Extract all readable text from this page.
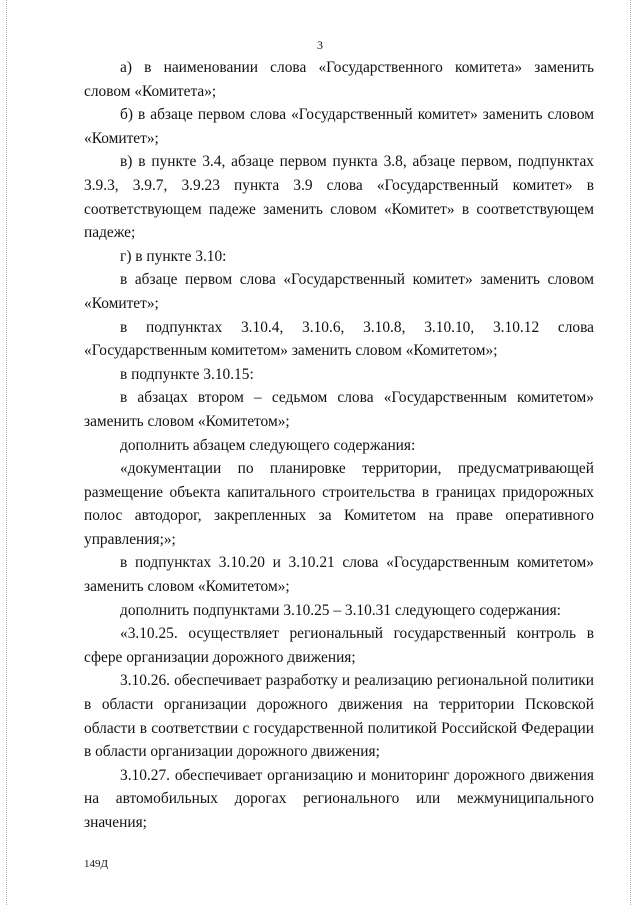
3

а) в наименовании слова «Государственного комитета» заменить словом «Комитета»;

б) в абзаце первом слова «Государственный комитет» заменить словом «Комитет»;

в) в пункте 3.4, абзаце первом пункта 3.8, абзаце первом, подпунктах 3.9.3, 3.9.7, 3.9.23 пункта 3.9 слова «Государственный комитет» в соответствующем падеже заменить словом «Комитет» в соответствующем падеже;

г) в пункте 3.10:

в абзаце первом слова «Государственный комитет» заменить словом «Комитет»;

в подпунктах 3.10.4, 3.10.6, 3.10.8, 3.10.10, 3.10.12 слова «Государственным комитетом» заменить словом «Комитетом»;

в подпункте 3.10.15:

в абзацах втором – седьмом слова «Государственным комитетом» заменить словом «Комитетом»;

дополнить абзацем следующего содержания:

«документации по планировке территории, предусматривающей размещение объекта капитального строительства в границах придорожных полос автодорог, закрепленных за Комитетом на праве оперативного управления;»;

в подпунктах 3.10.20 и 3.10.21 слова «Государственным комитетом» заменить словом «Комитетом»;

дополнить подпунктами 3.10.25 – 3.10.31 следующего содержания:

«3.10.25. осуществляет региональный государственный контроль в сфере организации дорожного движения;

3.10.26. обеспечивает разработку и реализацию региональной политики в области организации дорожного движения на территории Псковской области в соответствии с государственной политикой Российской Федерации в области организации дорожного движения;

3.10.27. обеспечивает организацию и мониторинг дорожного движения на автомобильных дорогах регионального или межмуниципального значения;

149Д
